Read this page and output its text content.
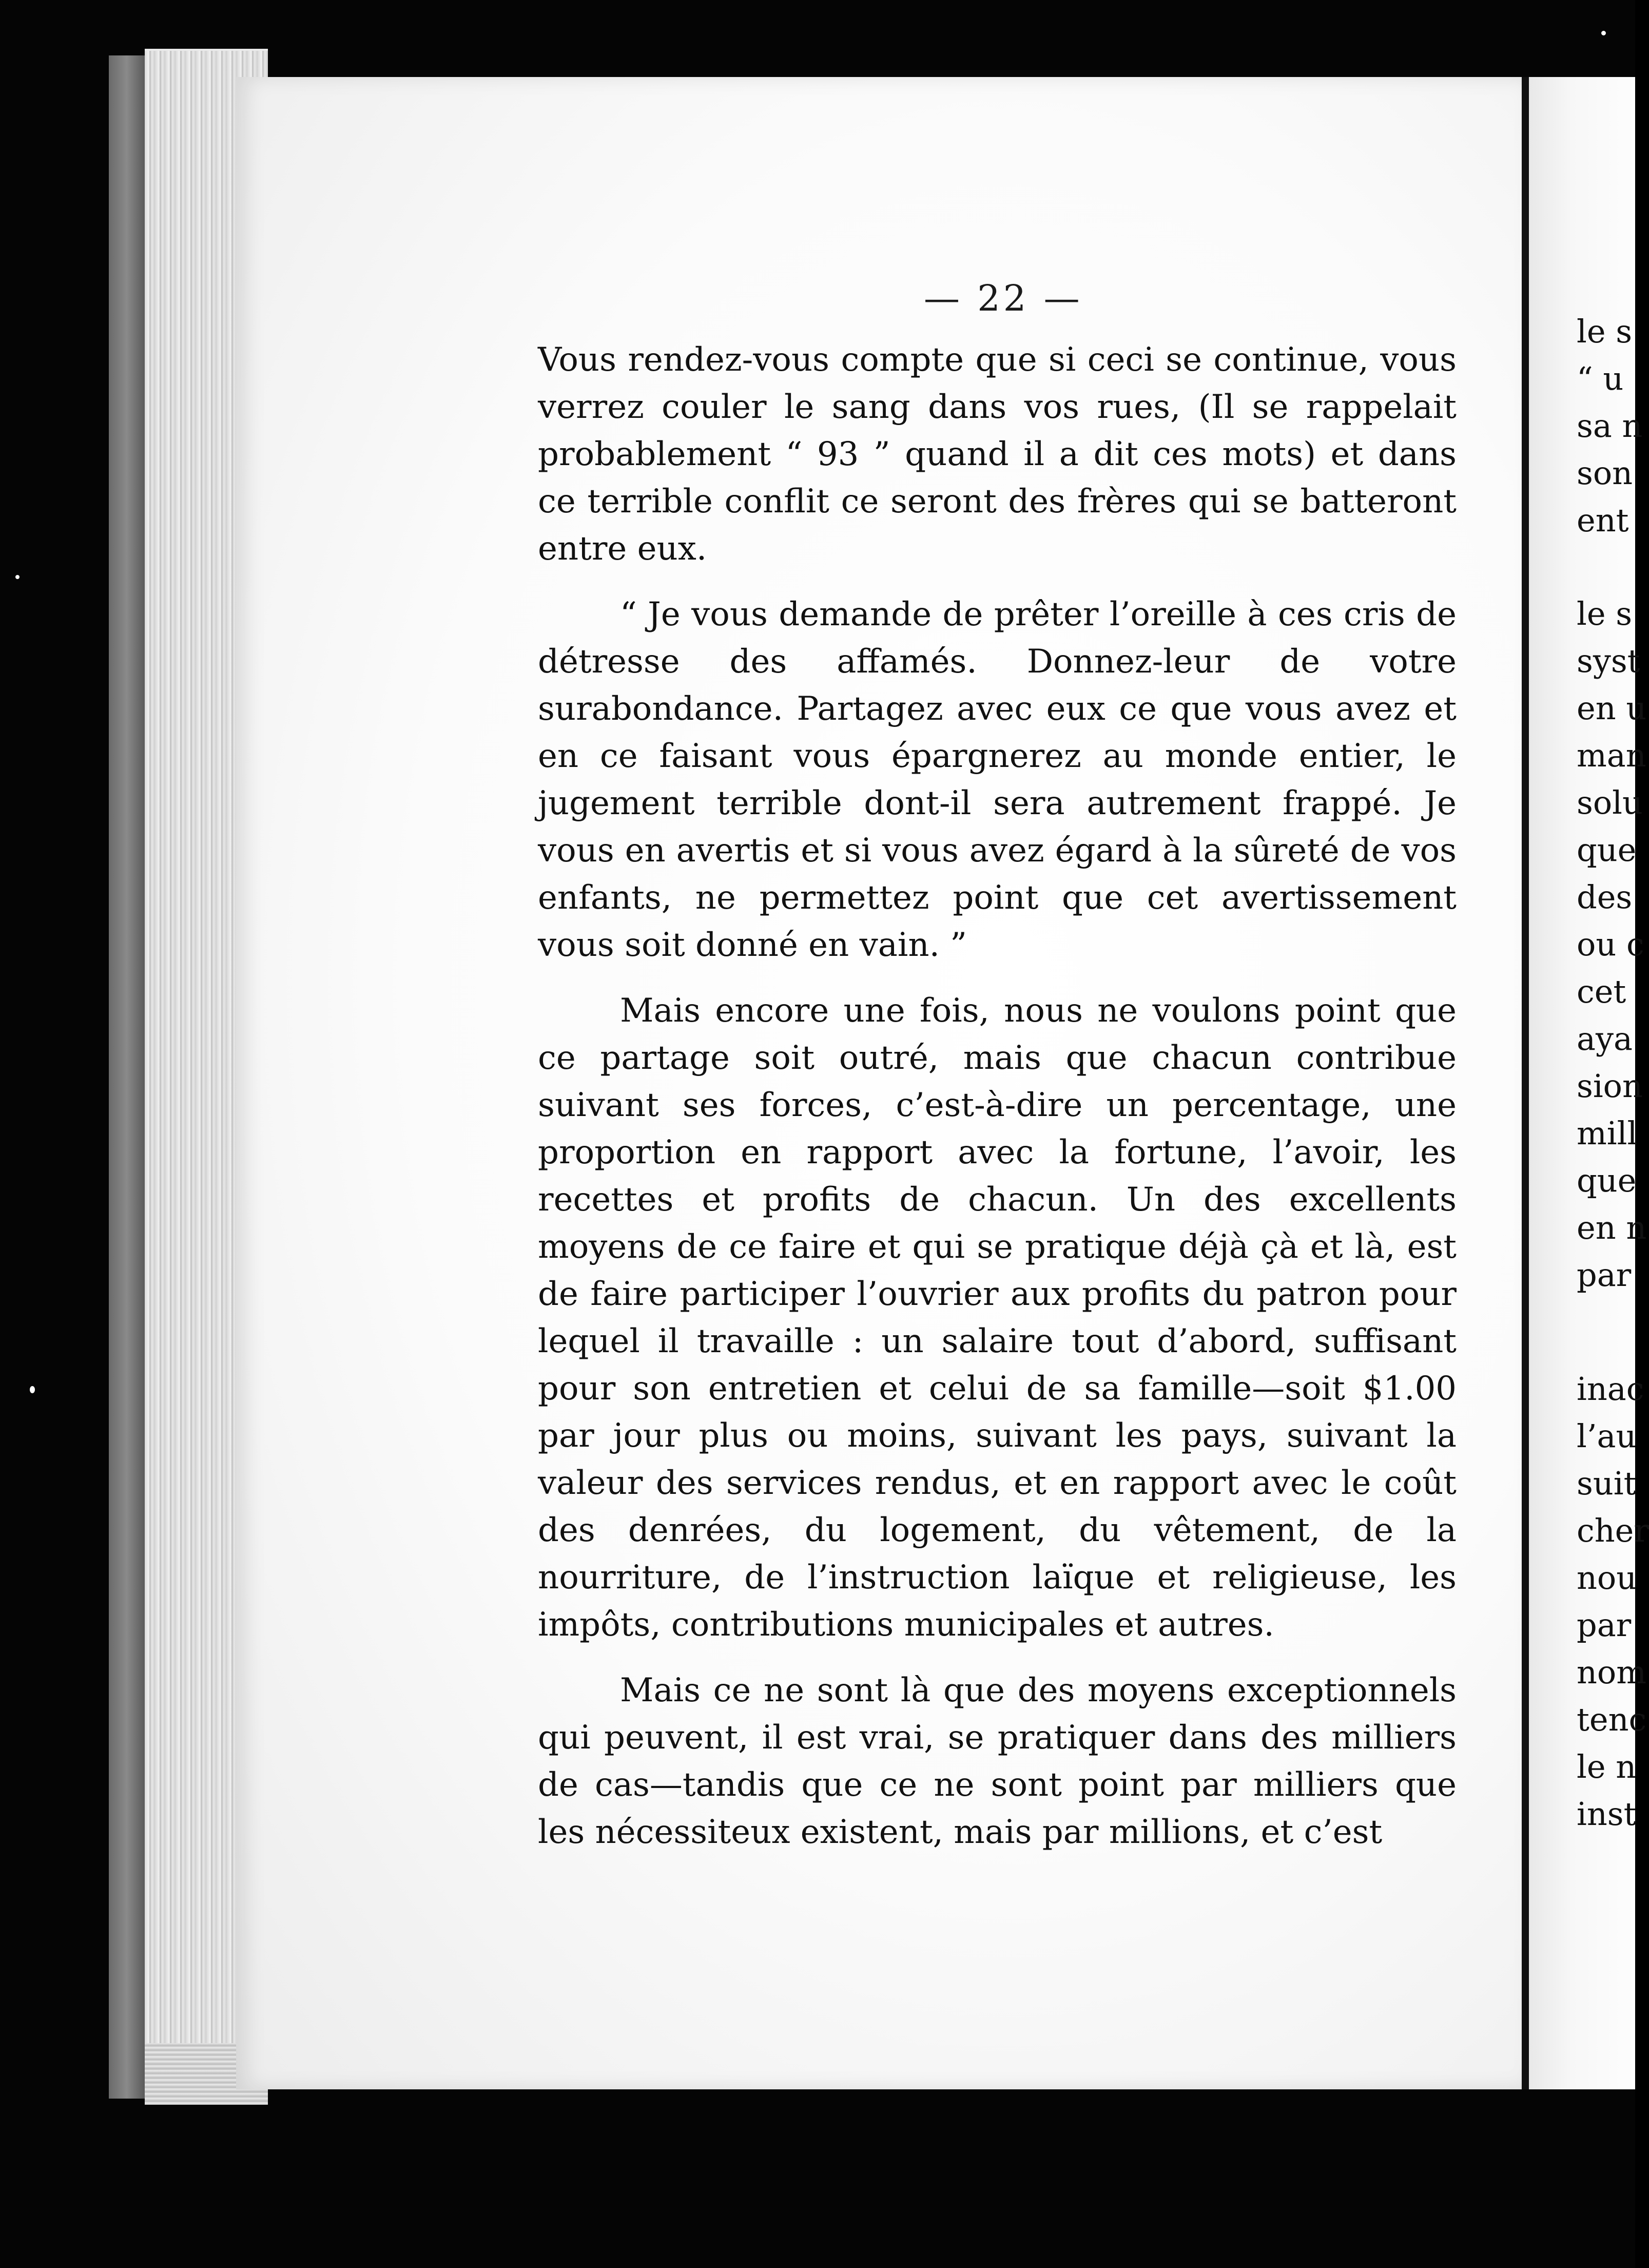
— 22 —

Vous rendez-vous compte que si ceci se continue, vous verrez couler le sang dans vos rues, (Il se rappelait probablement “ 93 ” quand il a dit ces mots) et dans ce terrible conflit ce seront des frères qui se batteront entre eux.

“ Je vous demande de prêter l’oreille à ces cris de détresse des affamés. Donnez-leur de votre surabondance. Partagez avec eux ce que vous avez et en ce faisant vous épargnerez au monde entier, le jugement terrible dont-il sera autrement frappé. Je vous en avertis et si vous avez égard à la sûreté de vos enfants, ne permettez point que cet avertissement vous soit donné en vain. ”

Mais encore une fois, nous ne voulons point que ce partage soit outré, mais que chacun contribue suivant ses forces, c’est-à-dire un percentage, une proportion en rapport avec la fortune, l’avoir, les recettes et profits de chacun. Un des excellents moyens de ce faire et qui se pratique déjà çà et là, est de faire participer l’ouvrier aux profits du patron pour lequel il travaille : un salaire tout d’abord, suffisant pour son entretien et celui de sa famille—soit $1.00 par jour plus ou moins, suivant les pays, suivant la valeur des services rendus, et en rapport avec le coût des denrées, du logement, du vêtement, de la nourriture, de l’instruction laïque et religieuse, les impôts, contributions municipales et autres.

Mais ce ne sont là que des moyens exceptionnels qui peuvent, il est vrai, se pratiquer dans des milliers de cas—tandis que ce ne sont point par milliers que les nécessiteux existent, mais par millions, et c’est

le s
“ u
sa n
son
ent
le s
syst
en u
man
solu
que
des
ou c
cet
aya
sion
mill
que
en n
par
inac
l’au
suit
cher
nou
par
nom
tenc
le n
inst
